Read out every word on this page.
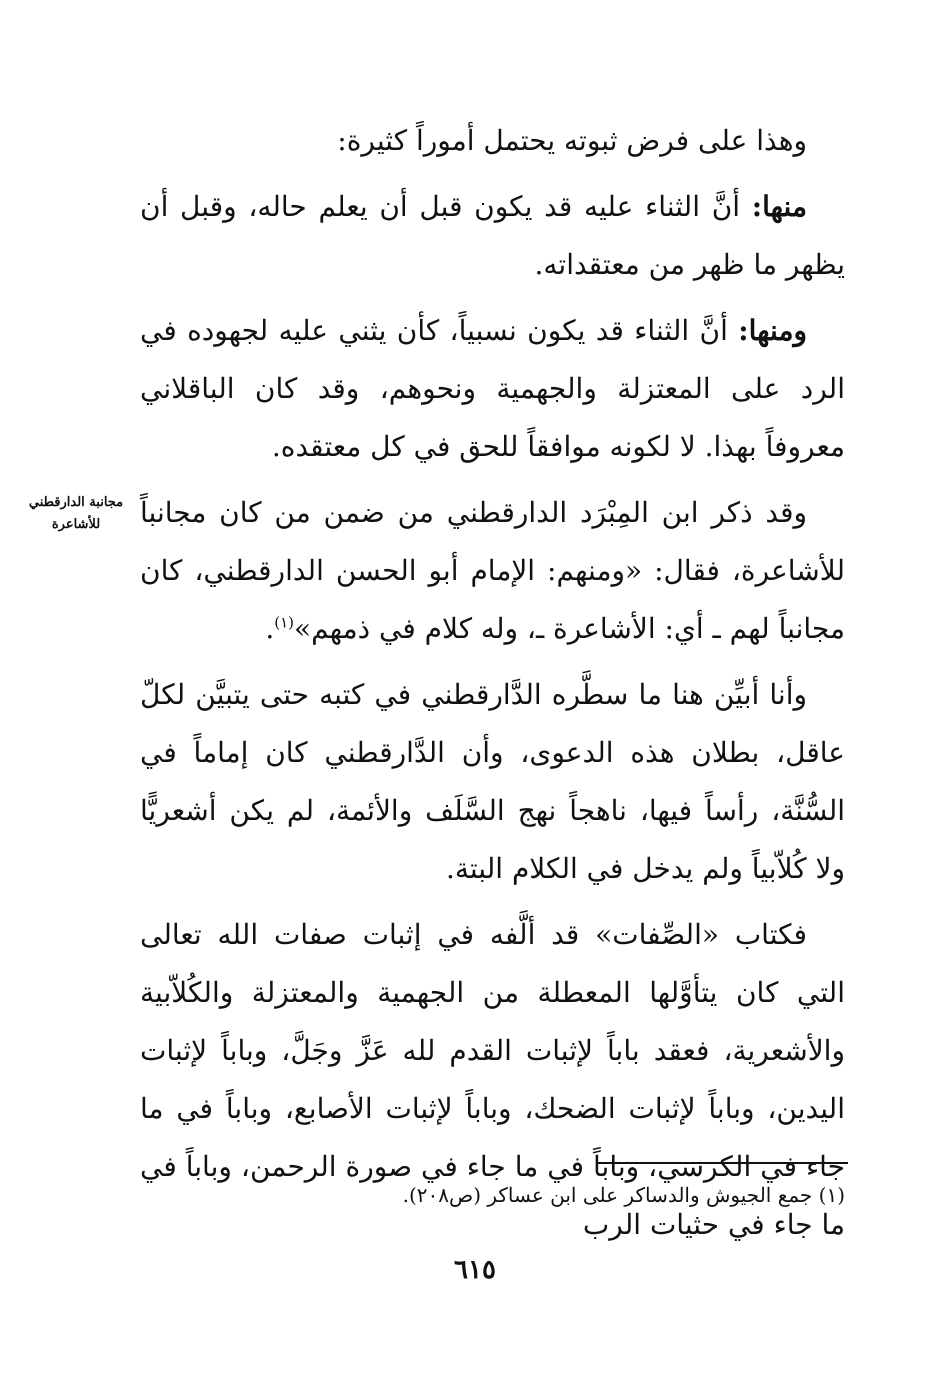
مجانبة الدارقطني للأشاعرة

وهذا على فرض ثبوته يحتمل أموراً كثيرة:

منها: أنَّ الثناء عليه قد يكون قبل أن يعلم حاله، وقبل أن يظهر ما ظهر من معتقداته.

ومنها: أنَّ الثناء قد يكون نسبياً، كأن يثني عليه لجهوده في الرد على المعتزلة والجهمية ونحوهم، وقد كان الباقلاني معروفاً بهذا. لا لكونه موافقاً للحق في كل معتقده.

وقد ذكر ابن المِبْرَد الدارقطني من ضمن من كان مجانباً للأشاعرة، فقال: «ومنهم: الإمام أبو الحسن الدارقطني، كان مجانباً لهم ـ أي: الأشاعرة ـ، وله كلام في ذمهم»$^{(١)}$.

وأنا أبيِّن هنا ما سطَّره الدَّارقطني في كتبه حتى يتبيَّن لكلّ عاقل، بطلان هذه الدعوى، وأن الدَّارقطني كان إماماً في السُّنَّة، رأساً فيها، ناهجاً نهج السَّلَف والأئمة، لم يكن أشعريًّا ولا كُلاّبياً ولم يدخل في الكلام البتة.

فكتاب «الصِّفات» قد ألَّفه في إثبات صفات الله تعالى التي كان يتأوَّلها المعطلة من الجهمية والمعتزلة والكُلاّبية والأشعرية، فعقد باباً لإثبات القدم لله عَزَّ وجَلَّ، وباباً لإثبات اليدين، وباباً لإثبات الضحك، وباباً لإثبات الأصابع، وباباً في ما جاء في الكرسي، وباباً في ما جاء في صورة الرحمن، وباباً في ما جاء في حثيات الرب

(١) جمع الجيوش والدساكر على ابن عساكر (ص٢٠٨).
٦١٥
